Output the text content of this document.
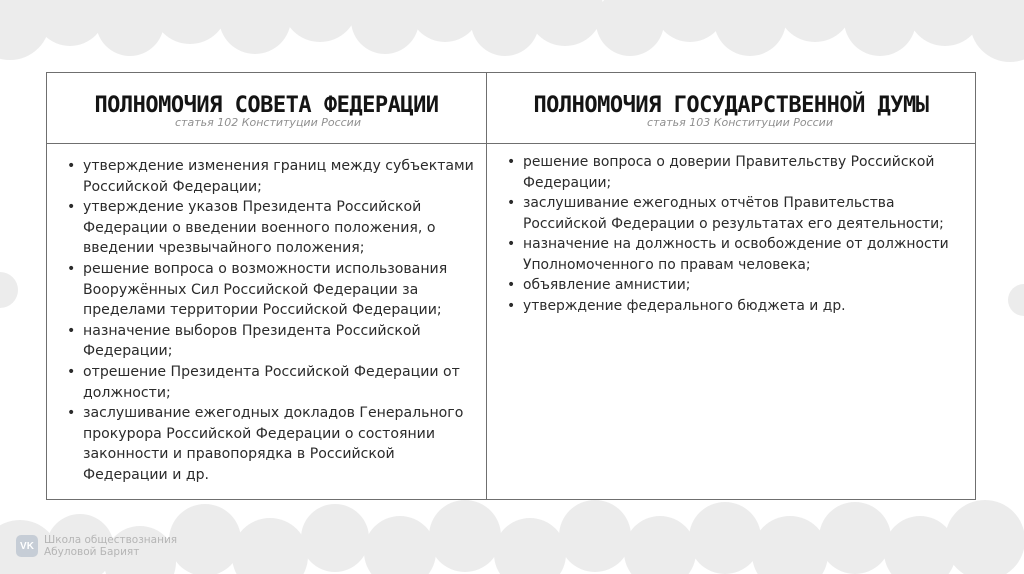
ПОЛНОМОЧИЯ СОВЕТА ФЕДЕРАЦИИ
статья 102 Конституции России
ПОЛНОМОЧИЯ ГОСУДАРСТВЕННОЙ ДУМЫ
статья 103 Конституции России
• утверждение изменения границ между субъектами Российской Федерации;
• утверждение указов Президента Российской Федерации о введении военного положения, о введении чрезвычайного положения;
• решение вопроса о возможности использования Вооружённых Сил Российской Федерации за пределами территории Российской Федерации;
• назначение выборов Президента Российской Федерации;
• отрешение Президента Российской Федерации от должности;
• заслушивание ежегодных докладов Генерального прокурора Российской Федерации о состоянии законности и правопорядка в Российской Федерации и др.
• решение вопроса о доверии Правительству Российской Федерации;
• заслушивание ежегодных отчётов Правительства Российской Федерации о результатах его деятельности;
• назначение на должность и освобождение от должности Уполномоченного по правам человека;
• объявление амнистии;
• утверждение федерального бюджета и др.
VK Школа обществознания
Абуловой Барият
